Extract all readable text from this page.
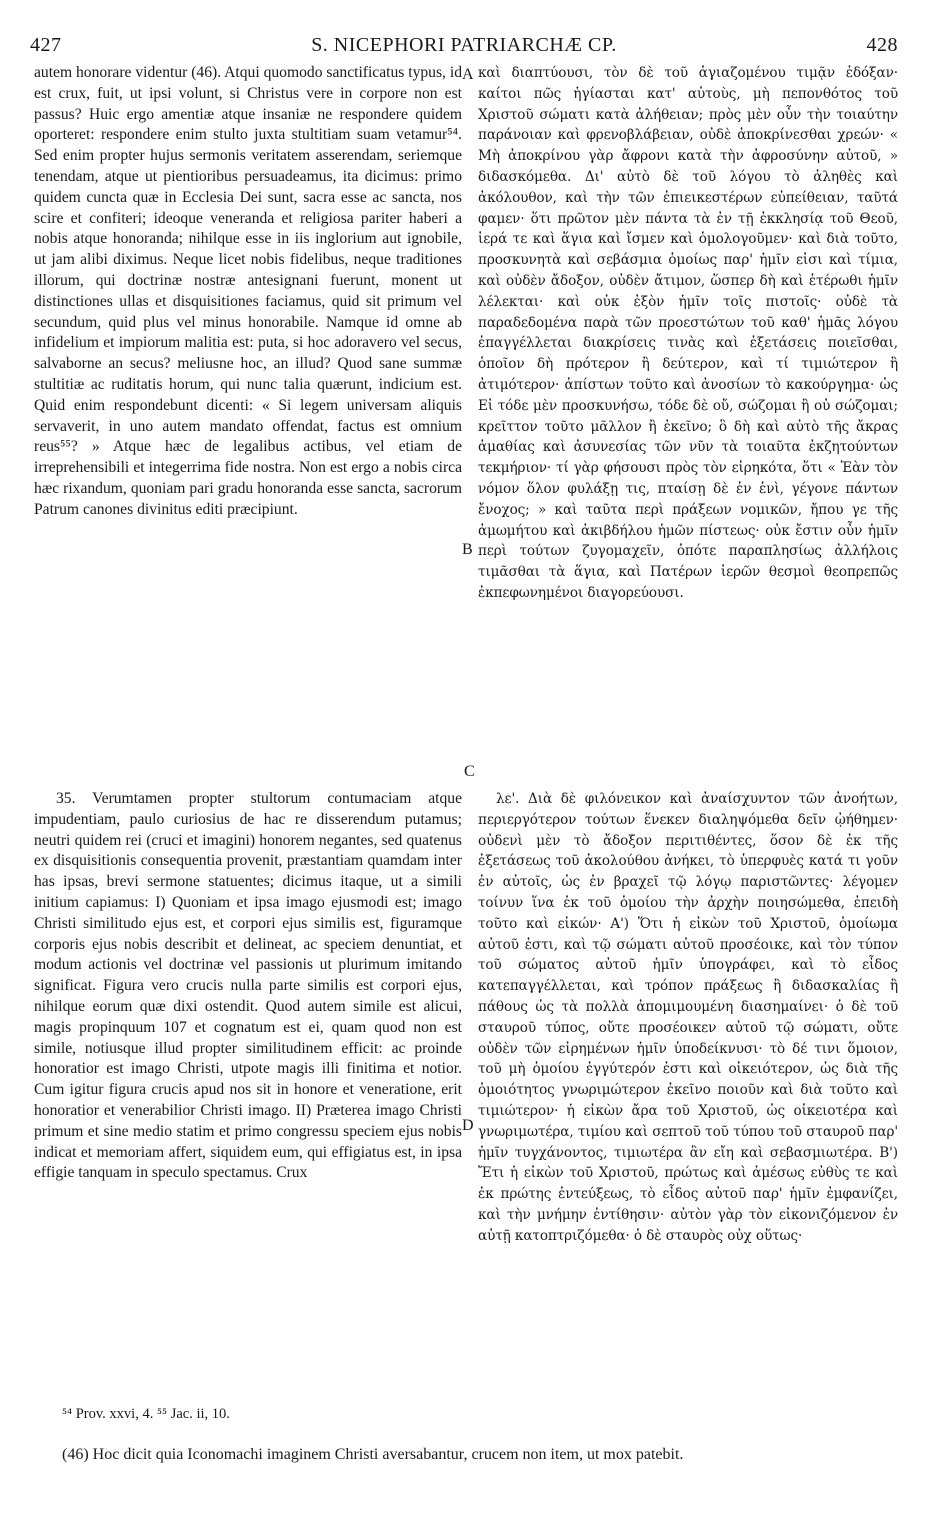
427	S. NICEPHORI PATRIARCHÆ CP.	428

autem honorare videntur (46). Atqui quomodo sanctificatus typus, id est crux, fuit, ut ipsi volunt, si Christus vere in corpore non est passus? Huic ergo amentiæ atque insaniæ ne respondere quidem oporteret: respondere enim stulto juxta stultitiam suam vetamur⁵⁴. Sed enim propter hujus sermonis veritatem asserendam, seriemque tenendam, atque ut pientioribus persuadeamus, ita dicimus: primo quidem cuncta quæ in Ecclesia Dei sunt, sacra esse ac sancta, nos scire et confiteri; ideoque veneranda et religiosa pariter haberi a nobis atque honoranda; nihilque esse in iis inglorium aut ignobile, ut jam alibi diximus. Neque licet nobis fidelibus, neque traditiones illorum, qui doctrinæ nostræ antesignani fuerunt, monent ut distinctiones ullas et disquisitiones faciamus, quid sit primum vel secundum, quid plus vel minus honorabile. Namque id omne ab infidelium et impiorum malitia est: puta, si hoc adoravero vel secus, salvaborne an secus? meliusne hoc, an illud? Quod sane summæ stultitiæ ac ruditatis horum, qui nunc talia quærunt, indicium est. Quid enim respondebunt dicenti: « Si legem universam aliquis servaverit, in uno autem mandato offendat, factus est omnium reus⁵⁵? » Atque hæc de legalibus actibus, vel etiam de irreprehensibili et integerrima fide nostra. Non est ergo a nobis circa hæc rixandum, quoniam pari gradu honoranda esse sancta, sacrorum Patrum canones divinitus editi præcipiunt.

35. Verumtamen propter stultorum contumaciam atque impudentiam, paulo curiosius de hac re disserendum putamus; neutri quidem rei (cruci et imagini) honorem negantes, sed quatenus ex disquisitionis consequentia provenit, præstantiam quamdam inter has ipsas, brevi sermone statuentes; dicimus itaque, ut a simili initium capiamus: I) Quoniam et ipsa imago ejusmodi est; imago Christi similitudo ejus est, et corpori ejus similis est, figuramque corporis ejus nobis describit et delineat, ac speciem denuntiat, et modum actionis vel doctrinæ vel passionis ut plurimum imitando significat. Figura vero crucis nulla parte similis est corpori ejus, nihilque eorum quæ dixi ostendit. Quod autem simile est alicui, magis propinquum 107 et cognatum est ei, quam quod non est simile, notiusque illud propter similitudinem efficit: ac proinde honoratior est imago Christi, utpote magis illi finitima et notior. Cum igitur figura crucis apud nos sit in honore et veneratione, erit honoratior et venerabilior Christi imago. II) Præterea imago Christi primum et sine medio statim et primo congressu speciem ejus nobis indicat et memoriam affert, siquidem eum, qui effigiatus est, in ipsa effigie tanquam in speculo spectamus. Crux

καὶ διαπτύουσι, τὸν δὲ τοῦ ἁγιαζομένου τιμᾷν ἐδόξαν· καίτοι πῶς ἡγίασται κατ' αὐτοὺς, μὴ πεπονθότος τοῦ Χριστοῦ σώματι κατὰ ἀλήθειαν; πρὸς μὲν οὖν τὴν τοιαύτην παράνοιαν καὶ φρενοβλάβειαν, οὐδὲ ἀποκρίνεσθαι χρεών· « Μὴ ἀποκρίνου γὰρ ἄφρονι κατὰ τὴν ἀφροσύνην αὐτοῦ, » διδασκόμεθα. Δι' αὐτὸ δὲ τοῦ λόγου τὸ ἀληθὲς καὶ ἀκόλουθον, καὶ τὴν τῶν ἐπιεικεστέρων εὐπείθειαν, ταῦτά φαμεν· ὅτι πρῶτον μὲν πάντα τὰ ἐν τῇ ἐκκλησίᾳ τοῦ Θεοῦ, ἱερά τε καὶ ἅγια καὶ ἴσμεν καὶ ὁμολογοῦμεν· καὶ διὰ τοῦτο, προσκυνητὰ καὶ σεβάσμια ὁμοίως παρ' ἡμῖν εἰσι καὶ τίμια, καὶ οὐδὲν ἄδοξον, οὐδὲν ἄτιμον, ὥσπερ δὴ καὶ ἑτέρωθι ἡμῖν λέλεκται· καὶ οὐκ ἐξὸν ἡμῖν τοῖς πιστοῖς· οὐδὲ τὰ παραδεδομένα παρὰ τῶν προεστώτων τοῦ καθ' ἡμᾶς λόγου ἐπαγγέλλεται διακρίσεις τινὰς καὶ ἐξετάσεις ποιεῖσθαι, ὁποῖον δὴ πρότερον ἢ δεύτερον, καὶ τί τιμιώτερον ἢ ἀτιμότερον· ἀπίστων τοῦτο καὶ ἀνοσίων τὸ κακούργημα· ὡς Εἰ τόδε μὲν προσκυνήσω, τόδε δὲ οὔ, σώζομαι ἢ οὐ σώζομαι; κρεῖττον τοῦτο μᾶλλον ἢ ἐκεῖνο; ὃ δὴ καὶ αὐτὸ τῆς ἄκρας ἀμαθίας καὶ ἀσυνεσίας τῶν νῦν τὰ τοιαῦτα ἐκζητούντων τεκμήριον· τί γὰρ φήσουσι πρὸς τὸν εἰρηκότα, ὅτι « Ἐὰν τὸν νόμον ὅλον φυλάξῃ τις, πταίσῃ δὲ ἐν ἑνὶ, γέγονε πάντων ἔνοχος; » καὶ ταῦτα περὶ πράξεων νομικῶν, ἤπου γε τῆς ἀμωμήτου καὶ ἀκιβδήλου ἡμῶν πίστεως· οὐκ ἔστιν οὖν ἡμῖν περὶ τούτων ζυγομαχεῖν, ὁπότε παραπλησίως ἀλλήλοις τιμᾶσθαι τὰ ἅγια, καὶ Πατέρων ἱερῶν θεσμοὶ θεοπρεπῶς ἐκπεφωνημένοι διαγορεύουσι.

λε'. Διὰ δὲ φιλόνεικον καὶ ἀναίσχυντον τῶν ἀνοήτων, περιεργότερον τούτων ἕνεκεν διαληψόμεθα δεῖν ᾠήθημεν· οὐδενὶ μὲν τὸ ἄδοξον περιτιθέντες, ὅσον δὲ ἐκ τῆς ἐξετάσεως τοῦ ἀκολούθου ἀνήκει, τὸ ὑπερφυὲς κατά τι γοῦν ἐν αὐτοῖς, ὡς ἐν βραχεῖ τῷ λόγῳ παριστῶντες· λέγομεν τοίνυν ἵνα ἐκ τοῦ ὁμοίου τὴν ἀρχὴν ποιησώμεθα, ἐπειδὴ τοῦτο καὶ εἰκών· Α') Ὅτι ἡ εἰκὼν τοῦ Χριστοῦ, ὁμοίωμα αὐτοῦ ἐστι, καὶ τῷ σώματι αὐτοῦ προσέοικε, καὶ τὸν τύπον τοῦ σώματος αὐτοῦ ἡμῖν ὑπογράφει, καὶ τὸ εἶδος κατεπαγγέλλεται, καὶ τρόπον πράξεως ἢ διδασκαλίας ἢ πάθους ὡς τὰ πολλὰ ἀπομιμουμένη διασημαίνει· ὁ δὲ τοῦ σταυροῦ τύπος, οὔτε προσέοικεν αὐτοῦ τῷ σώματι, οὔτε οὐδὲν τῶν εἰρημένων ἡμῖν ὑποδείκνυσι· τὸ δέ τινι ὅμοιον, τοῦ μὴ ὁμοίου ἐγγύτερόν ἐστι καὶ οἰκειότερον, ὡς διὰ τῆς ὁμοιότητος γνωριμώτερον ἐκεῖνο ποιοῦν καὶ διὰ τοῦτο καὶ τιμιώτερον· ἡ εἰκὼν ἄρα τοῦ Χριστοῦ, ὡς οἰκειοτέρα καὶ γνωριμωτέρα, τιμίου καὶ σεπτοῦ τοῦ τύπου τοῦ σταυροῦ παρ' ἡμῖν τυγχάνοντος, τιμιωτέρα ἂν εἴη καὶ σεβασμιωτέρα. Β') Ἔτι ἡ εἰκὼν τοῦ Χριστοῦ, πρώτως καὶ ἀμέσως εὐθὺς τε καὶ ἐκ πρώτης ἐντεύξεως, τὸ εἶδος αὐτοῦ παρ' ἡμῖν ἐμφανίζει, καὶ τὴν μνήμην ἐντίθησιν· αὐτὸν γὰρ τὸν εἰκονιζόμενον ἐν αὐτῇ κατοπτριζόμεθα· ὁ δὲ σταυρὸς οὐχ οὕτως·

A
B
C
D
⁵⁴ Prov. xxvi, 4. ⁵⁵ Jac. ii, 10.
(46) Hoc dicit quia Iconomachi imaginem Christi aversabantur, crucem non item, ut mox patebit.
